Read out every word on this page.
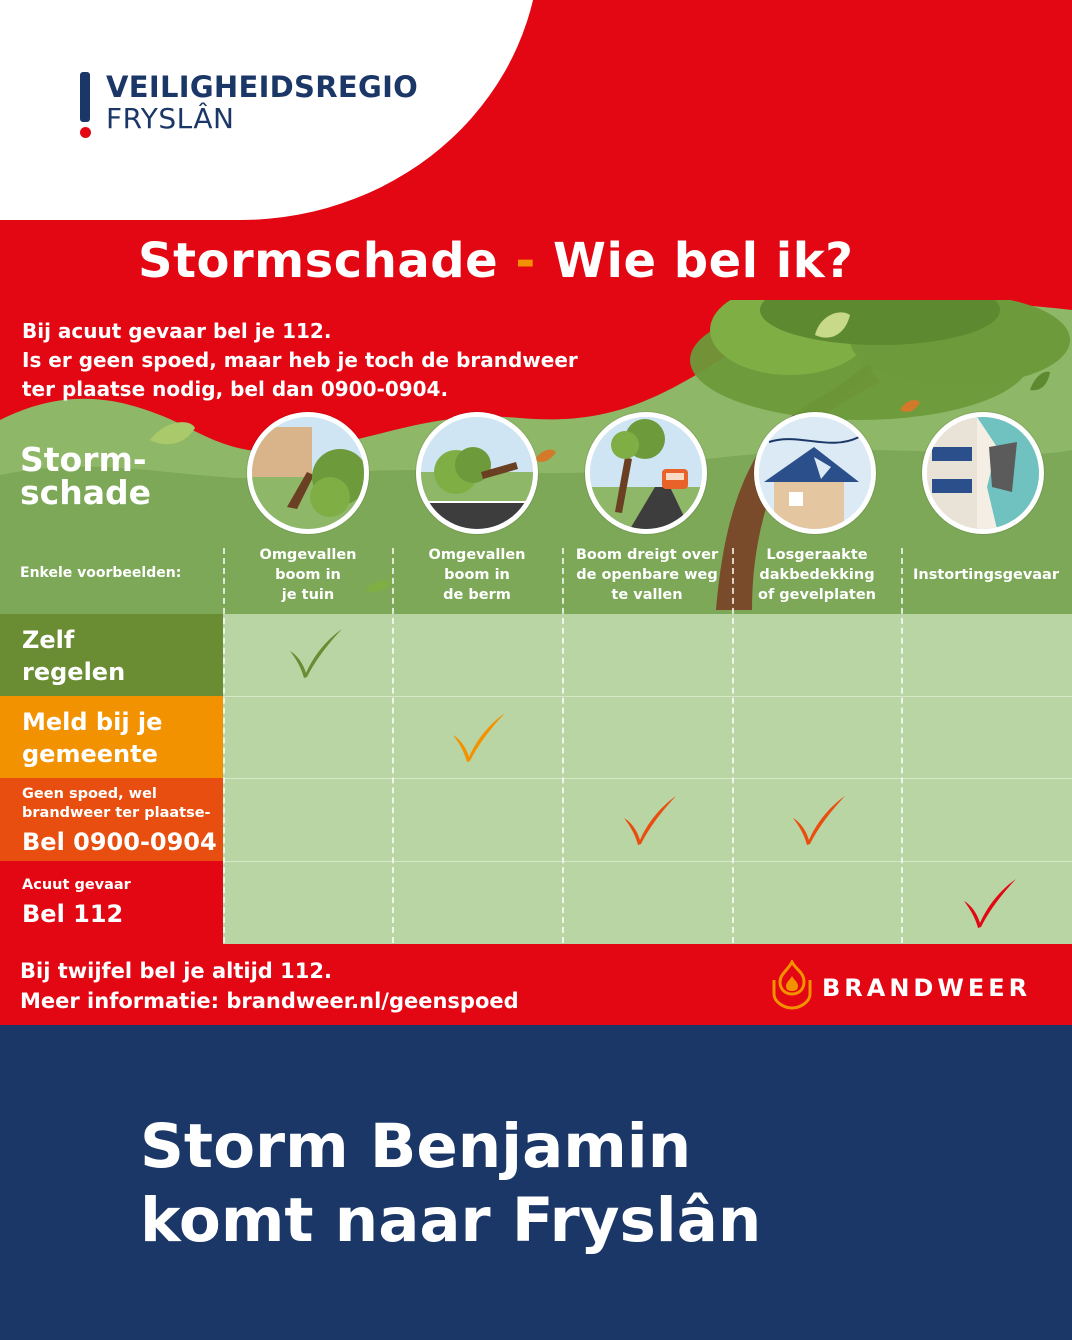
VEILIGHEIDSREGIO
FRYSLÂN
Stormschade - Wie bel ik?
Bij acuut gevaar bel je 112.
Is er geen spoed, maar heb je toch de brandweer
ter plaatse nodig, bel dan 0900-0904.
Storm-
schade
Enkele voorbeelden:
Omgevallen
boom in
je tuin
Omgevallen
boom in
de berm
Boom dreigt over
de openbare weg
te vallen
Losgeraakte
dakbedekking
of gevelplaten
Instortingsgevaar
Zelf
regelen
Meld bij je
gemeente
Geen spoed, wel
brandweer ter plaatse-
Bel 0900-0904
Acuut gevaar
Bel 112
Bij twijfel bel je altijd 112.
Meer informatie: brandweer.nl/geenspoed	BRANDWEER
Storm Benjamin
komt naar Fryslân
